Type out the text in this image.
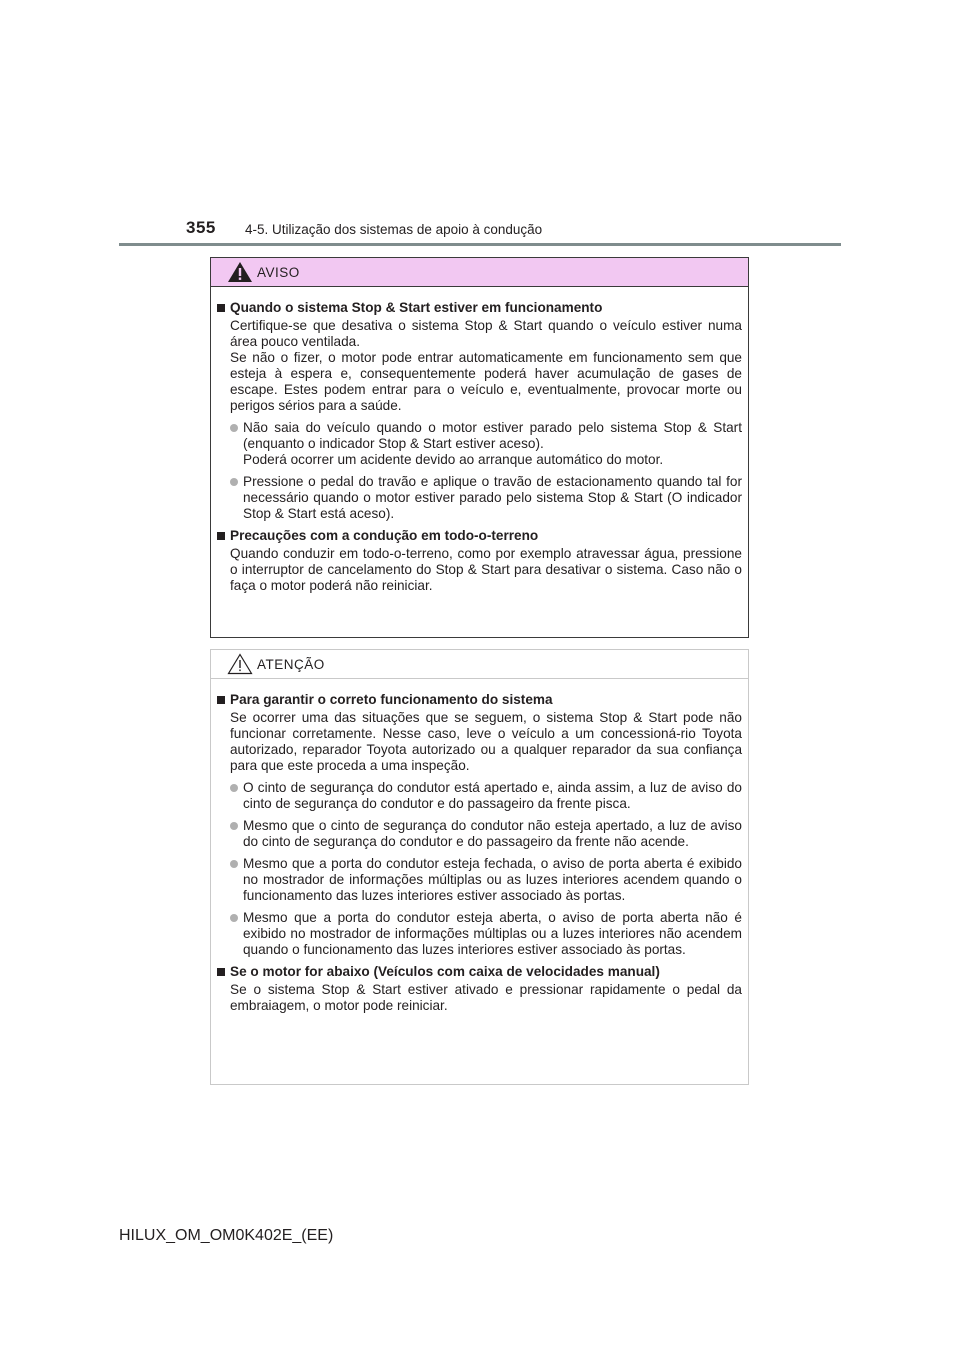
355 4-5. Utilização dos sistemas de apoio à condução
AVISO
Quando o sistema Stop & Start estiver em funcionamento
Certifique-se que desativa o sistema Stop & Start quando o veículo estiver numa área pouco ventilada.
Se não o fizer, o motor pode entrar automaticamente em funcionamento sem que esteja à espera e, consequentemente poderá haver acumulação de gases de escape. Estes podem entrar para o veículo e, eventualmente, provocar morte ou perigos sérios para a saúde.
Não saia do veículo quando o motor estiver parado pelo sistema Stop & Start (enquanto o indicador Stop & Start estiver aceso).
Poderá ocorrer um acidente devido ao arranque automático do motor.
Pressione o pedal do travão e aplique o travão de estacionamento quando tal for necessário quando o motor estiver parado pelo sistema Stop & Start (O indicador Stop & Start está aceso).
Precauções com a condução em todo-o-terreno
Quando conduzir em todo-o-terreno, como por exemplo atravessar água, pressione o interruptor de cancelamento do Stop & Start para desativar o sistema. Caso não o faça o motor poderá não reiniciar.
ATENÇÃO
Para garantir o correto funcionamento do sistema
Se ocorrer uma das situações que se seguem, o sistema Stop & Start pode não funcionar corretamente. Nesse caso, leve o veículo a um concessioná-rio Toyota autorizado, reparador Toyota autorizado ou a qualquer reparador da sua confiança para que este proceda a uma inspeção.
O cinto de segurança do condutor está apertado e, ainda assim, a luz de aviso do cinto de segurança do condutor e do passageiro da frente pisca.
Mesmo que o cinto de segurança do condutor não esteja apertado, a luz de aviso do cinto de segurança do condutor e do passageiro da frente não acende.
Mesmo que a porta do condutor esteja fechada, o aviso de porta aberta é exibido no mostrador de informações múltiplas ou as luzes interiores acendem quando o funcionamento das luzes interiores estiver associado às portas.
Mesmo que a porta do condutor esteja aberta, o aviso de porta aberta não é exibido no mostrador de informações múltiplas ou a luzes interiores não acendem quando o funcionamento das luzes interiores estiver associado às portas.
Se o motor for abaixo (Veículos com caixa de velocidades manual)
Se o sistema Stop & Start estiver ativado e pressionar rapidamente o pedal da embraiagem, o motor pode reiniciar.
HILUX_OM_OM0K402E_(EE)
